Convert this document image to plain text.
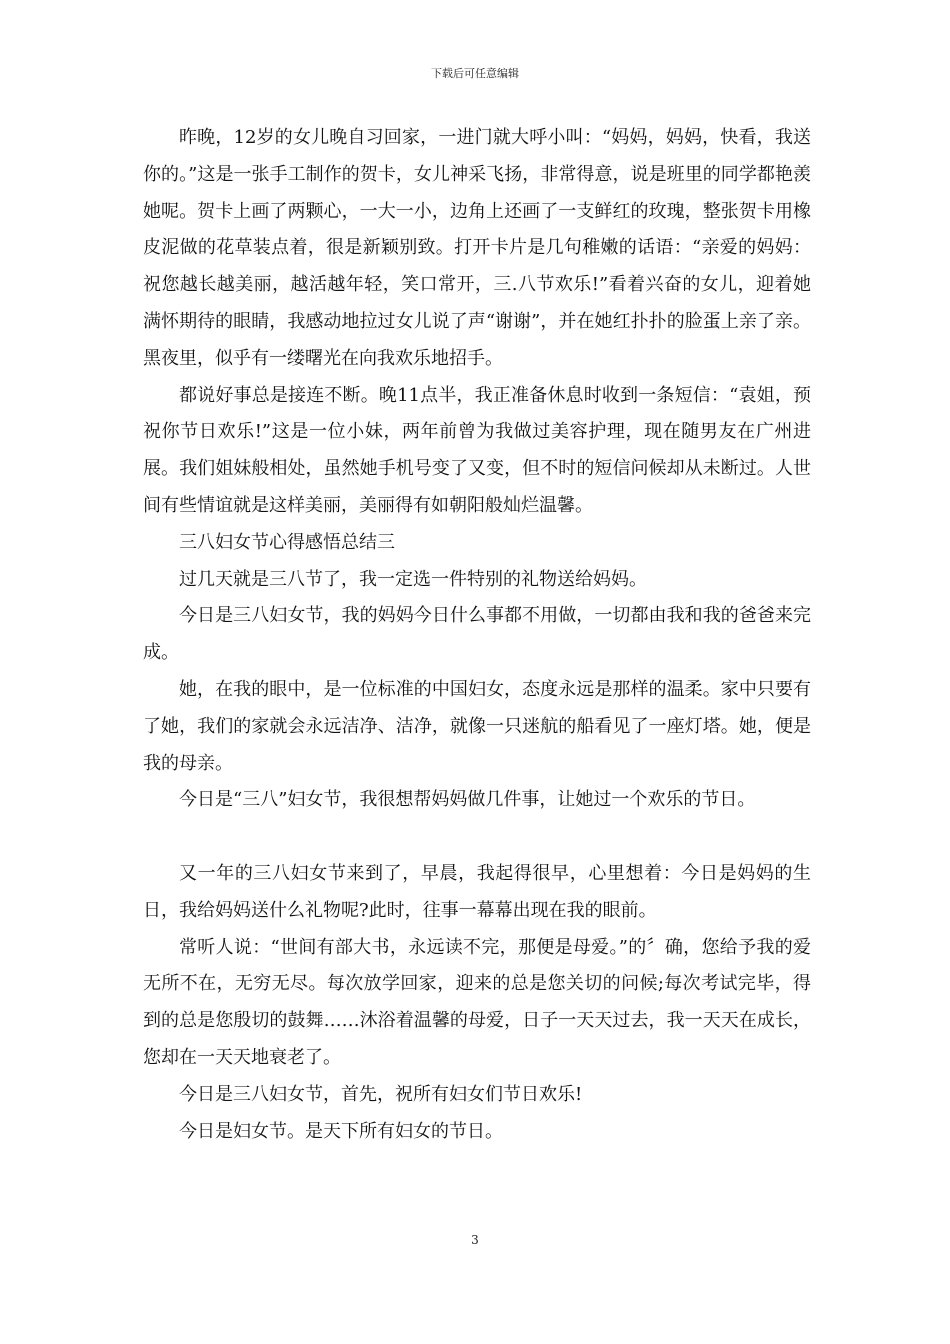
下载后可任意编辑

昨晚，12岁的女儿晚自习回家，一进门就大呼小叫：“妈妈，妈妈，快看，我送你的。”这是一张手工制作的贺卡，女儿神采飞扬，非常得意，说是班里的同学都艳羡她呢。贺卡上画了两颗心，一大一小，边角上还画了一支鲜红的玫瑰，整张贺卡用橡皮泥做的花草装点着，很是新颖别致。打开卡片是几句稚嫩的话语：“亲爱的妈妈：祝您越长越美丽，越活越年轻，笑口常开，三.八节欢乐!”看着兴奋的女儿，迎着她满怀期待的眼睛，我感动地拉过女儿说了声“谢谢”，并在她红扑扑的脸蛋上亲了亲。黑夜里，似乎有一缕曙光在向我欢乐地招手。

都说好事总是接连不断。晚11点半，我正准备休息时收到一条短信：“袁姐，预祝你节日欢乐!”这是一位小妹，两年前曾为我做过美容护理，现在随男友在广州进展。我们姐妹般相处，虽然她手机号变了又变，但不时的短信问候却从未断过。人世间有些情谊就是这样美丽，美丽得有如朝阳般灿烂温馨。

三八妇女节心得感悟总结三

过几天就是三八节了，我一定选一件特别的礼物送给妈妈。

今日是三八妇女节，我的妈妈今日什么事都不用做，一切都由我和我的爸爸来完成。

她，在我的眼中，是一位标准的中国妇女，态度永远是那样的温柔。家中只要有了她，我们的家就会永远洁净、洁净，就像一只迷航的船看见了一座灯塔。她，便是我的母亲。

今日是“三八”妇女节，我很想帮妈妈做几件事，让她过一个欢乐的节日。

又一年的三八妇女节来到了，早晨，我起得很早，心里想着：今日是妈妈的生日，我给妈妈送什么礼物呢?此时，往事一幕幕出现在我的眼前。

常听人说：“世间有部大书，永远读不完，那便是母爱。”的〞确，您给予我的爱无所不在，无穷无尽。每次放学回家，迎来的总是您关切的问候;每次考试完毕，得到的总是您殷切的鼓舞……沐浴着温馨的母爱，日子一天天过去，我一天天在成长，您却在一天天地衰老了。

今日是三八妇女节，首先，祝所有妇女们节日欢乐!

今日是妇女节。是天下所有妇女的节日。

3
